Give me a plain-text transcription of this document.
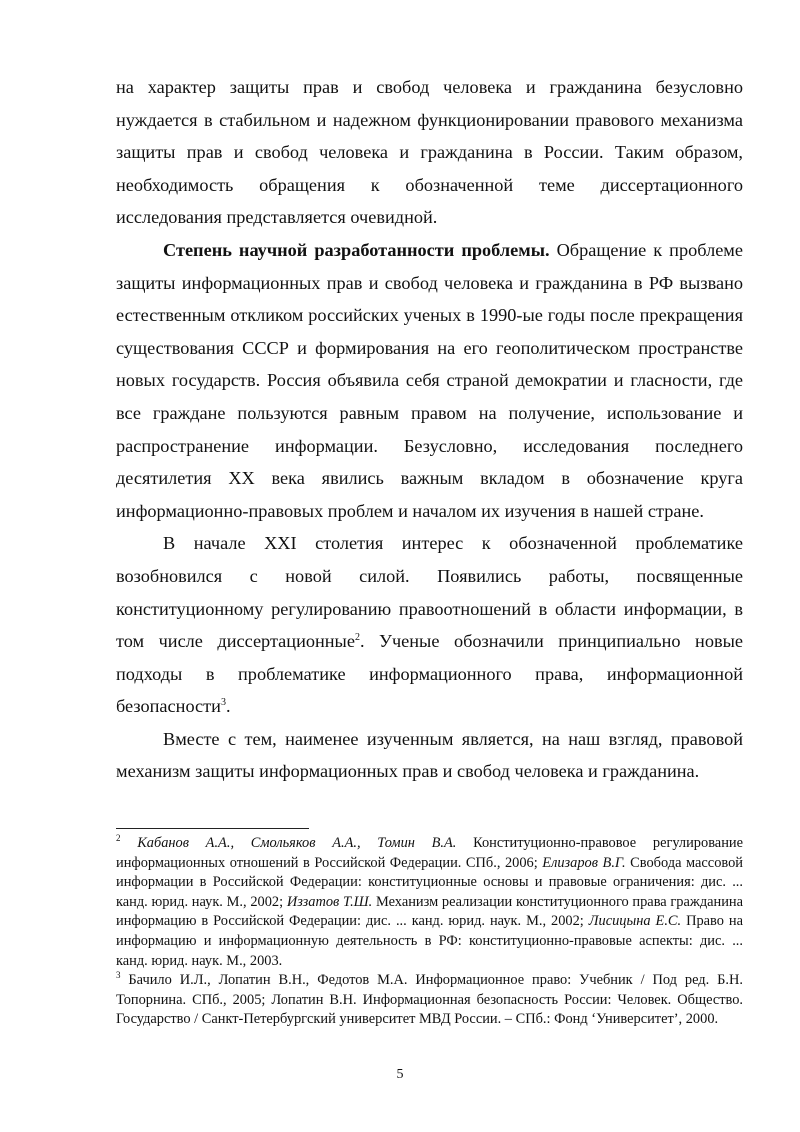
на характер защиты прав и свобод человека и гражданина безусловно нуждается в стабильном и надежном функционировании правового механизма защиты прав и свобод человека и гражданина в России. Таким образом, необходимость обращения к обозначенной теме диссертационного исследования представляется очевидной.

Степень научной разработанности проблемы. Обращение к проблеме защиты информационных прав и свобод человека и гражданина в РФ вызвано естественным откликом российских ученых в 1990-ые годы после прекращения существования СССР и формирования на его геополитическом пространстве новых государств. Россия объявила себя страной демократии и гласности, где все граждане пользуются равным правом на получение, использование и распространение информации. Безусловно, исследования последнего десятилетия XX века явились важным вкладом в обозначение круга информационно-правовых проблем и началом их изучения в нашей стране.

В начале XXI столетия интерес к обозначенной проблематике возобновился с новой силой. Появились работы, посвященные конституционному регулированию правоотношений в области информации, в том числе диссертационные$^2$. Ученые обозначили принципиально новые подходы в проблематике информационного права, информационной безопасности$^3$.

Вместе с тем, наименее изученным является, на наш взгляд, правовой механизм защиты информационных прав и свобод человека и гражданина.

$^2$ Кабанов А.А., Смольяков А.А., Томин В.А. Конституционно-правовое регулирование информационных отношений в Российской Федерации. СПб., 2006; Елизаров В.Г. Свобода массовой информации в Российской Федерации: конституционные основы и правовые ограничения: дис. ... канд. юрид. наук. М., 2002; Иззатов Т.Ш. Механизм реализации конституционного права гражданина информацию в Российской Федерации: дис. ... канд. юрид. наук. М., 2002; Лисицына Е.С. Право на информацию и информационную деятельность в РФ: конституционно-правовые аспекты: дис. ... канд. юрид. наук. М., 2003.

$^3$ Бачило И.Л., Лопатин В.Н., Федотов М.А. Информационное право: Учебник / Под ред. Б.Н. Топорнина. СПб., 2005; Лопатин В.Н. Информационная безопасность России: Человек. Общество. Государство / Санкт-Петербургский университет МВД России. – СПб.: Фонд ‘Университет’, 2000.

5
